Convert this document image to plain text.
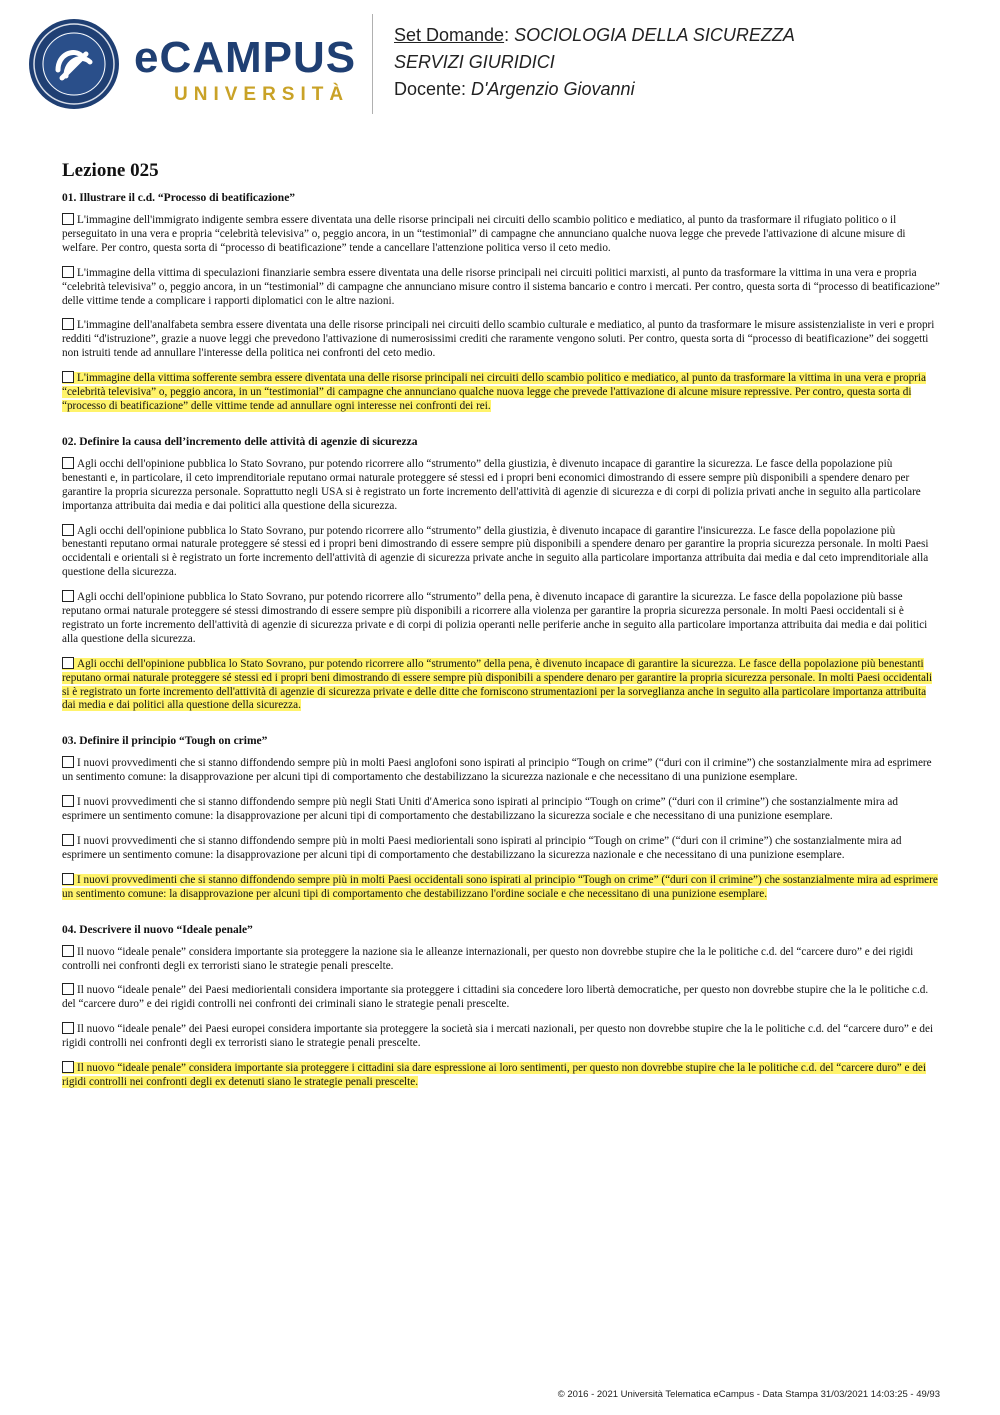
eCAMPUS
UNIVERSITÀ
Set Domande: SOCIOLOGIA DELLA SICUREZZA
SERVIZI GIURIDICI
Docente: D'Argenzio Giovanni
Lezione 025
01. Illustrare il c.d. “Processo di beatificazione”

L'immagine dell'immigrato indigente sembra essere diventata una delle risorse principali nei circuiti dello scambio politico e mediatico, al punto da trasformare il rifugiato politico o il perseguitato in una vera e propria “celebrità televisiva” o, peggio ancora, in un “testimonial” di campagne che annunciano qualche nuova legge che prevede l'attivazione di alcune misure di welfare. Per contro, questa sorta di “processo di beatificazione” tende a cancellare l'attenzione politica verso il ceto medio.

L'immagine della vittima di speculazioni finanziarie sembra essere diventata una delle risorse principali nei circuiti politici marxisti, al punto da trasformare la vittima in una vera e propria “celebrità televisiva” o, peggio ancora, in un “testimonial” di campagne che annunciano misure contro il sistema bancario e contro i mercati. Per contro, questa sorta di “processo di beatificazione” delle vittime tende a complicare i rapporti diplomatici con le altre nazioni.

L'immagine dell'analfabeta sembra essere diventata una delle risorse principali nei circuiti dello scambio culturale e mediatico, al punto da trasformare le misure assistenzialiste in veri e propri redditi “d'istruzione”, grazie a nuove leggi che prevedono l'attivazione di numerosissimi crediti che raramente vengono soluti. Per contro, questa sorta di “processo di beatificazione” dei soggetti non istruiti tende ad annullare l'interesse della politica nei confronti del ceto medio.

L'immagine della vittima sofferente sembra essere diventata una delle risorse principali nei circuiti dello scambio politico e mediatico, al punto da trasformare la vittima in una vera e propria “celebrità televisiva” o, peggio ancora, in un “testimonial” di campagne che annunciano qualche nuova legge che prevede l'attivazione di alcune misure repressive. Per contro, questa sorta di “processo di beatificazione” delle vittime tende ad annullare ogni interesse nei confronti dei rei.

02. Definire la causa dell’incremento delle attività di agenzie di sicurezza

Agli occhi dell'opinione pubblica lo Stato Sovrano, pur potendo ricorrere allo “strumento” della giustizia, è divenuto incapace di garantire la sicurezza. Le fasce della popolazione più benestanti e, in particolare, il ceto imprenditoriale reputano ormai naturale proteggere sé stessi ed i propri beni economici dimostrando di essere sempre più disponibili a spendere denaro per garantire la propria sicurezza personale. Soprattutto negli USA si è registrato un forte incremento dell'attività di agenzie di sicurezza e di corpi di polizia privati anche in seguito alla particolare importanza attribuita dai media e dai politici alla questione della sicurezza.

Agli occhi dell'opinione pubblica lo Stato Sovrano, pur potendo ricorrere allo “strumento” della giustizia, è divenuto incapace di garantire l'insicurezza. Le fasce della popolazione più benestanti reputano ormai naturale proteggere sé stessi ed i propri beni dimostrando di essere sempre più disponibili a spendere denaro per garantire la propria sicurezza personale. In molti Paesi occidentali e orientali si è registrato un forte incremento dell'attività di agenzie di sicurezza private anche in seguito alla particolare importanza attribuita dai media e dal ceto imprenditoriale alla questione della sicurezza.

Agli occhi dell'opinione pubblica lo Stato Sovrano, pur potendo ricorrere allo “strumento” della pena, è divenuto incapace di garantire la sicurezza. Le fasce della popolazione più basse reputano ormai naturale proteggere sé stessi dimostrando di essere sempre più disponibili a ricorrere alla violenza per garantire la propria sicurezza personale. In molti Paesi occidentali si è registrato un forte incremento dell'attività di agenzie di sicurezza private e di corpi di polizia operanti nelle periferie anche in seguito alla particolare importanza attribuita dai media e dai politici alla questione della sicurezza.

Agli occhi dell'opinione pubblica lo Stato Sovrano, pur potendo ricorrere allo “strumento” della pena, è divenuto incapace di garantire la sicurezza. Le fasce della popolazione più benestanti reputano ormai naturale proteggere sé stessi ed i propri beni dimostrando di essere sempre più disponibili a spendere denaro per garantire la propria sicurezza personale. In molti Paesi occidentali si è registrato un forte incremento dell'attività di agenzie di sicurezza private e delle ditte che forniscono strumentazioni per la sorveglianza anche in seguito alla particolare importanza attribuita dai media e dai politici alla questione della sicurezza.

03. Definire il principio “Tough on crime”

I nuovi provvedimenti che si stanno diffondendo sempre più in molti Paesi anglofoni sono ispirati al principio “Tough on crime” (“duri con il crimine”) che sostanzialmente mira ad esprimere un sentimento comune: la disapprovazione per alcuni tipi di comportamento che destabilizzano la sicurezza nazionale e che necessitano di una punizione esemplare.

I nuovi provvedimenti che si stanno diffondendo sempre più negli Stati Uniti d'America sono ispirati al principio “Tough on crime” (“duri con il crimine”) che sostanzialmente mira ad esprimere un sentimento comune: la disapprovazione per alcuni tipi di comportamento che destabilizzano la sicurezza sociale e che necessitano di una punizione esemplare.

I nuovi provvedimenti che si stanno diffondendo sempre più in molti Paesi mediorientali sono ispirati al principio “Tough on crime” (“duri con il crimine”) che sostanzialmente mira ad esprimere un sentimento comune: la disapprovazione per alcuni tipi di comportamento che destabilizzano la sicurezza nazionale e che necessitano di una punizione esemplare.

I nuovi provvedimenti che si stanno diffondendo sempre più in molti Paesi occidentali sono ispirati al principio “Tough on crime” (“duri con il crimine”) che sostanzialmente mira ad esprimere un sentimento comune: la disapprovazione per alcuni tipi di comportamento che destabilizzano l'ordine sociale e che necessitano di una punizione esemplare.

04. Descrivere il nuovo “Ideale penale”

Il nuovo “ideale penale” considera importante sia proteggere la nazione sia le alleanze internazionali, per questo non dovrebbe stupire che la le politiche c.d. del “carcere duro” e dei rigidi controlli nei confronti degli ex terroristi siano le strategie penali prescelte.

Il nuovo “ideale penale” dei Paesi mediorientali considera importante sia proteggere i cittadini sia concedere loro libertà democratiche, per questo non dovrebbe stupire che la le politiche c.d. del “carcere duro” e dei rigidi controlli nei confronti dei criminali siano le strategie penali prescelte.

Il nuovo “ideale penale” dei Paesi europei considera importante sia proteggere la società sia i mercati nazionali, per questo non dovrebbe stupire che la le politiche c.d. del “carcere duro” e dei rigidi controlli nei confronti degli ex terroristi siano le strategie penali prescelte.

Il nuovo “ideale penale” considera importante sia proteggere i cittadini sia dare espressione ai loro sentimenti, per questo non dovrebbe stupire che la le politiche c.d. del “carcere duro” e dei rigidi controlli nei confronti degli ex detenuti siano le strategie penali prescelte.

© 2016 - 2021 Università Telematica eCampus - Data Stampa 31/03/2021 14:03:25 - 49/93
